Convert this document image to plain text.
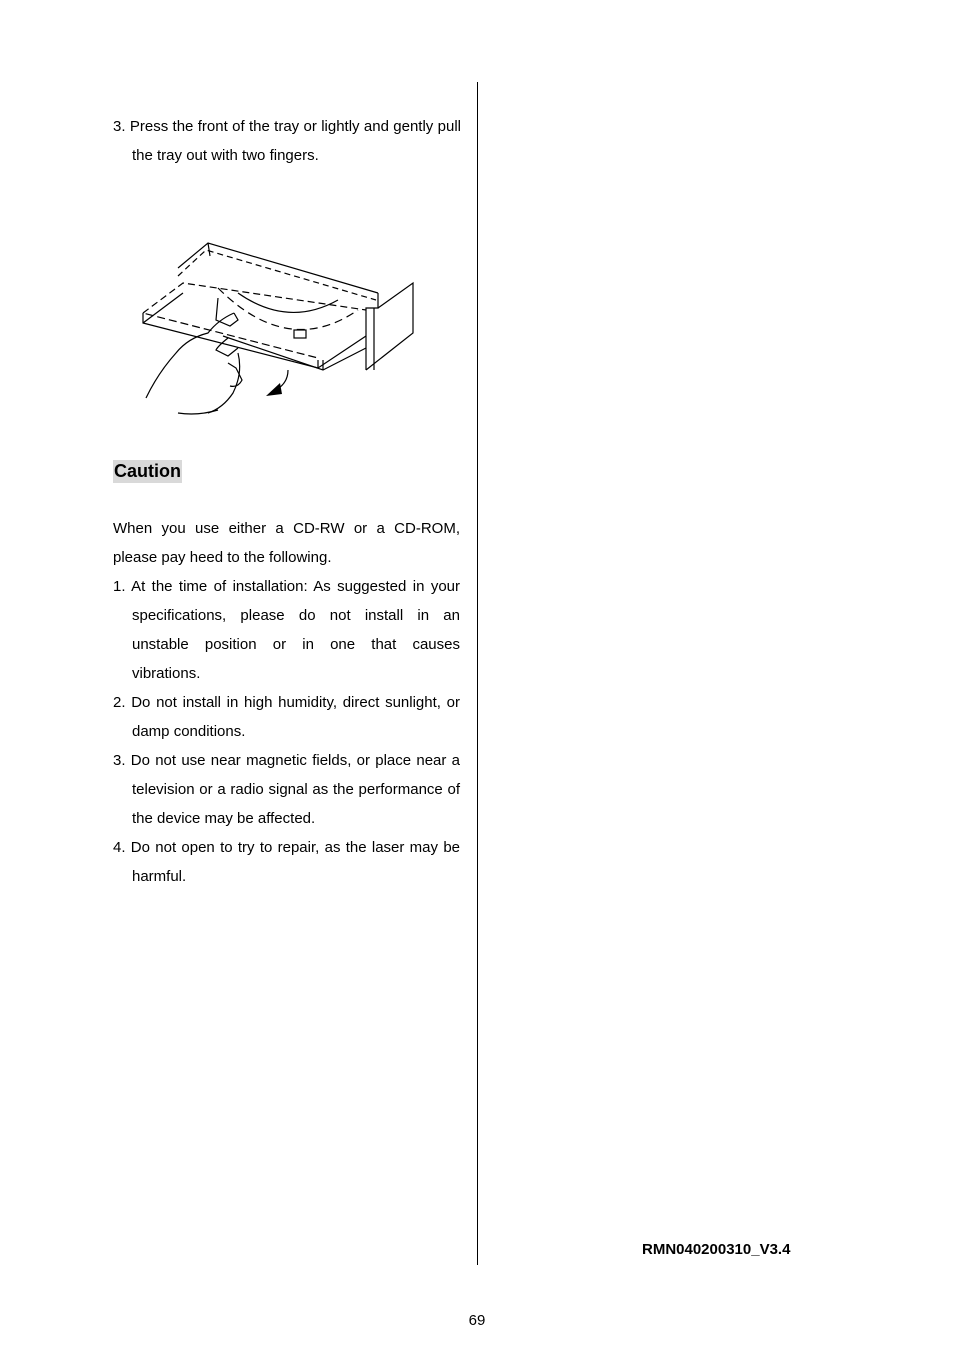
3. Press the front of the tray or lightly and gently pull the tray out with two fingers.

Caution

When you use either a CD-RW or a CD-ROM, please pay heed to the following.

1. At the time of installation: As suggested in your specifications, please do not install in an unstable position or in one that causes vibrations.

2. Do not install in high humidity, direct sunlight, or damp conditions.

3. Do not use near magnetic fields, or place near a television or a radio signal as the performance of the device may be affected.

4. Do not open to try to repair, as the laser may be harmful.

RMN040200310_V3.4
69
